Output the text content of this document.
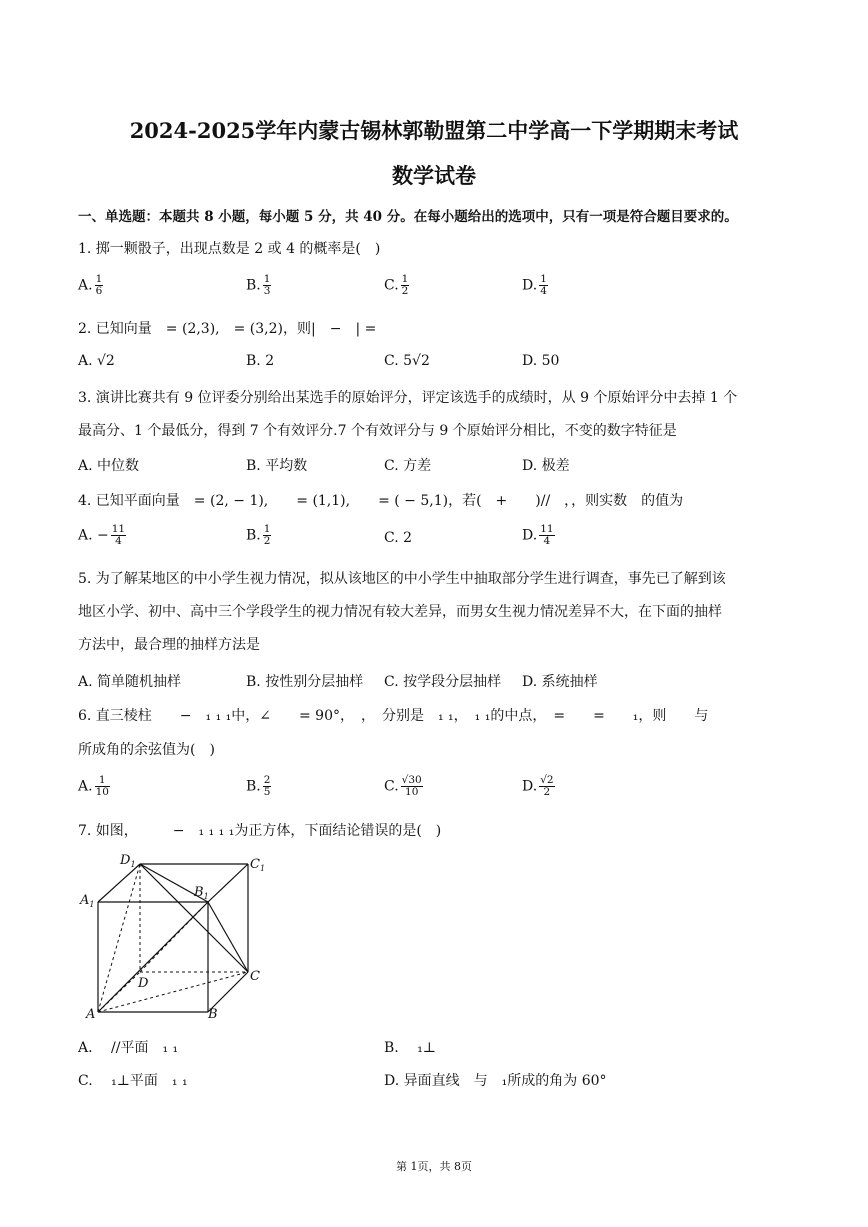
2024-2025学年内蒙古锡林郭勒盟第二中学高一下学期期末考试
数学试卷
一、单选题：本题共 8 小题，每小题 5 分，共 40 分。在每小题给出的选项中，只有一项是符合题目要求的。
1. 掷一颗骰子，出现点数是 2 或 4 的概率是(　)
A. $\frac{1}{6}$	B. $\frac{1}{3}$	C. $\frac{1}{2}$	D. $\frac{1}{4}$
2. 已知向量　= (2,3),　= (3,2)，则|　−　| =
A. √2	B. 2	C. 5√2	D. 50
3. 演讲比赛共有 9 位评委分别给出某选手的原始评分，评定该选手的成绩时，从 9 个原始评分中去掉 1 个
最高分、1 个最低分，得到 7 个有效评分.7 个有效评分与 9 个原始评分相比，不变的数字特征是
A. 中位数	B. 平均数	C. 方差	D. 极差
4. 已知平面向量　= (2, − 1),　　= (1,1),　　= ( − 5,1)，若(　+　　)//　，，则实数　的值为
A. − $\frac{11}{4}$	B. $\frac{1}{2}$	C. 2	D. $\frac{11}{4}$
5. 为了解某地区的中小学生视力情况，拟从该地区的中小学生中抽取部分学生进行调查，事先已了解到该
地区小学、初中、高中三个学段学生的视力情况有较大差异，而男女生视力情况差异不大，在下面的抽样
方法中，最合理的抽样方法是
A. 简单随机抽样	B. 按性别分层抽样 C. 按学段分层抽样 D. 系统抽样
6. 直三棱柱　　−　₁ ₁ ₁中，∠　　= 90°，　，　分别是　₁ ₁，　₁ ₁的中点，　=　　=　　₁，则　　与
所成角的余弦值为(　)
A. $\frac{1}{10}$	B. $\frac{2}{5}$	C. $\frac{√30}{10}$	D. $\frac{√2}{2}$
7. 如图，　　　−　₁ ₁ ₁ ₁为正方体，下面结论错误的是(　)
$D_1$	$C_1$
$A_1$
$B_1$
D	C
A	B
A. 　//平面　₁ ₁	B. 　₁⊥
C. 　₁⊥平面　₁ ₁	D. 异面直线　与　₁所成的角为 60°
第 1页，共 8页
